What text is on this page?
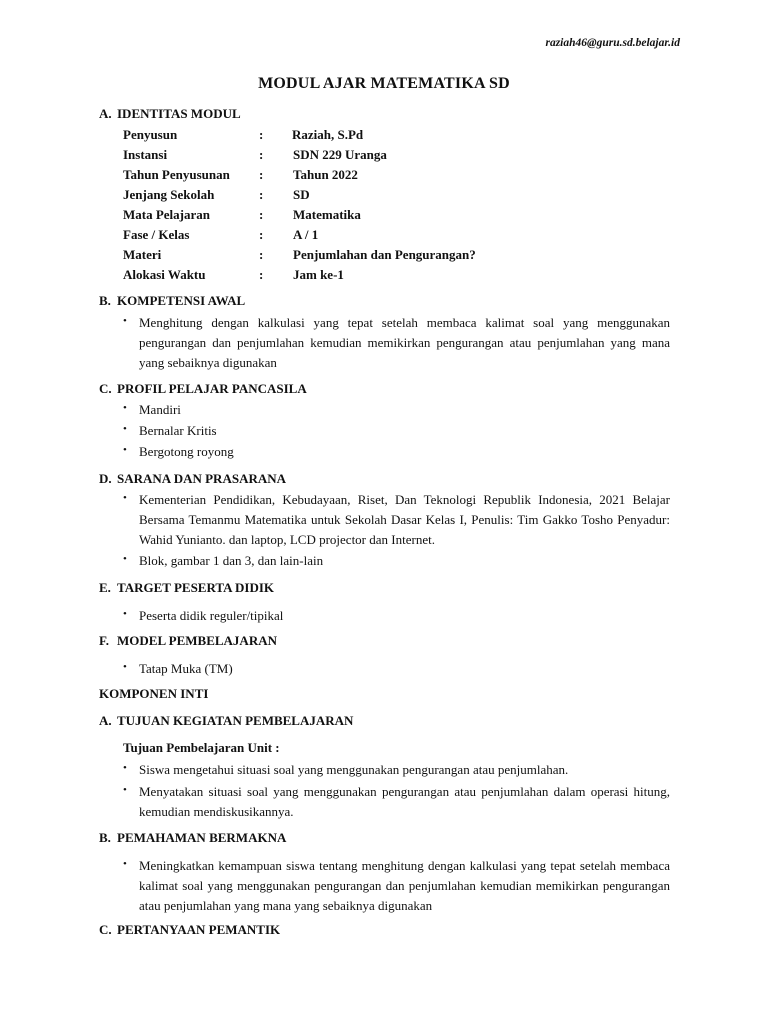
raziah46@guru.sd.belajar.id
MODUL AJAR MATEMATIKA SD
A. IDENTITAS MODUL
Penyusun	: Raziah, S.Pd
Instansi	: SDN 229 Uranga
Tahun Penyusunan : Tahun 2022
Jenjang Sekolah	: SD
Mata Pelajaran	: Matematika
Fase / Kelas	: A / 1
Materi	: Penjumlahan dan Pengurangan?
Alokasi Waktu	: Jam ke-1
B. KOMPETENSI AWAL
• Menghitung dengan kalkulasi yang tepat setelah membaca kalimat soal yang menggunakan pengurangan dan penjumlahan kemudian memikirkan pengurangan atau penjumlahan yang mana yang sebaiknya digunakan
C. PROFIL PELAJAR PANCASILA
• Mandiri
• Bernalar Kritis
• Bergotong royong
D. SARANA DAN PRASARANA
• Kementerian Pendidikan, Kebudayaan, Riset, Dan Teknologi Republik Indonesia, 2021 Belajar Bersama Temanmu Matematika untuk Sekolah Dasar Kelas I, Penulis: Tim Gakko Tosho Penyadur: Wahid Yunianto. dan laptop, LCD projector dan Internet.
• Blok, gambar 1 dan 3, dan lain-lain
E. TARGET PESERTA DIDIK
• Peserta didik reguler/tipikal
F. MODEL PEMBELAJARAN
• Tatap Muka (TM)
KOMPONEN INTI
A. TUJUAN KEGIATAN PEMBELAJARAN
Tujuan Pembelajaran Unit :
• Siswa mengetahui situasi soal yang menggunakan pengurangan atau penjumlahan.
• Menyatakan situasi soal yang menggunakan pengurangan atau penjumlahan dalam operasi hitung, kemudian mendiskusikannya.
B. PEMAHAMAN BERMAKNA
• Meningkatkan kemampuan siswa tentang menghitung dengan kalkulasi yang tepat setelah membaca kalimat soal yang menggunakan pengurangan dan penjumlahan kemudian memikirkan pengurangan atau penjumlahan yang mana yang sebaiknya digunakan
C. PERTANYAAN PEMANTIK
